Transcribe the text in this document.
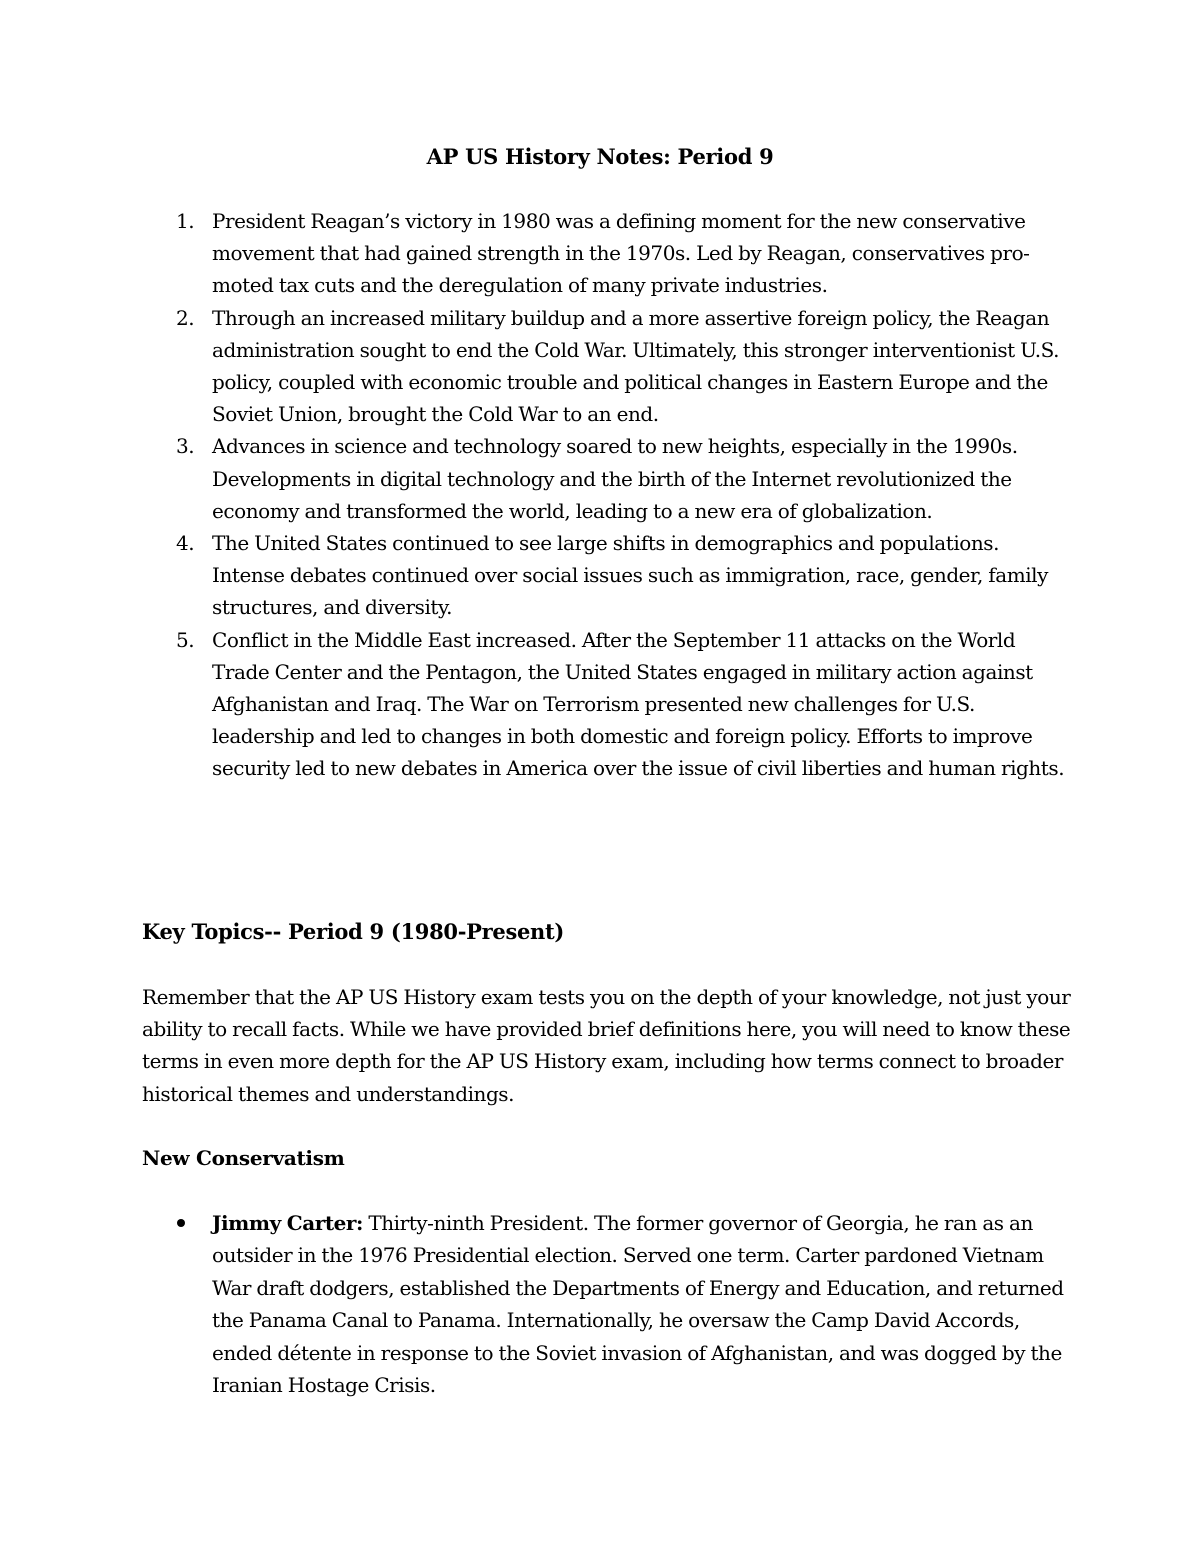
AP US History Notes: Period 9
1. President Reagan’s victory in 1980 was a defining moment for the new conservative movement that had gained strength in the 1970s. Led by Reagan, conservatives pro-moted tax cuts and the deregulation of many private industries.
2. Through an increased military buildup and a more assertive foreign policy, the Reagan administration sought to end the Cold War. Ultimately, this stronger interventionist U.S. policy, coupled with economic trouble and political changes in Eastern Europe and the Soviet Union, brought the Cold War to an end.
3. Advances in science and technology soared to new heights, especially in the 1990s. Developments in digital technology and the birth of the Internet revolutionized the economy and transformed the world, leading to a new era of globalization.
4. The United States continued to see large shifts in demographics and populations. Intense debates continued over social issues such as immigration, race, gender, family structures, and diversity.
5. Conflict in the Middle East increased. After the September 11 attacks on the World Trade Center and the Pentagon, the United States engaged in military action against Afghanistan and Iraq. The War on Terrorism presented new challenges for U.S. leadership and led to changes in both domestic and foreign policy. Efforts to improve security led to new debates in America over the issue of civil liberties and human rights.
Key Topics-- Period 9 (1980-Present)

Remember that the AP US History exam tests you on the depth of your knowledge, not just your ability to recall facts. While we have provided brief definitions here, you will need to know these terms in even more depth for the AP US History exam, including how terms connect to broader historical themes and understandings.

New Conservatism
Jimmy Carter: Thirty-ninth President. The former governor of Georgia, he ran as an outsider in the 1976 Presidential election. Served one term. Carter pardoned Vietnam War draft dodgers, established the Departments of Energy and Education, and returned the Panama Canal to Panama. Internationally, he oversaw the Camp David Accords, ended détente in response to the Soviet invasion of Afghanistan, and was dogged by the Iranian Hostage Crisis.
